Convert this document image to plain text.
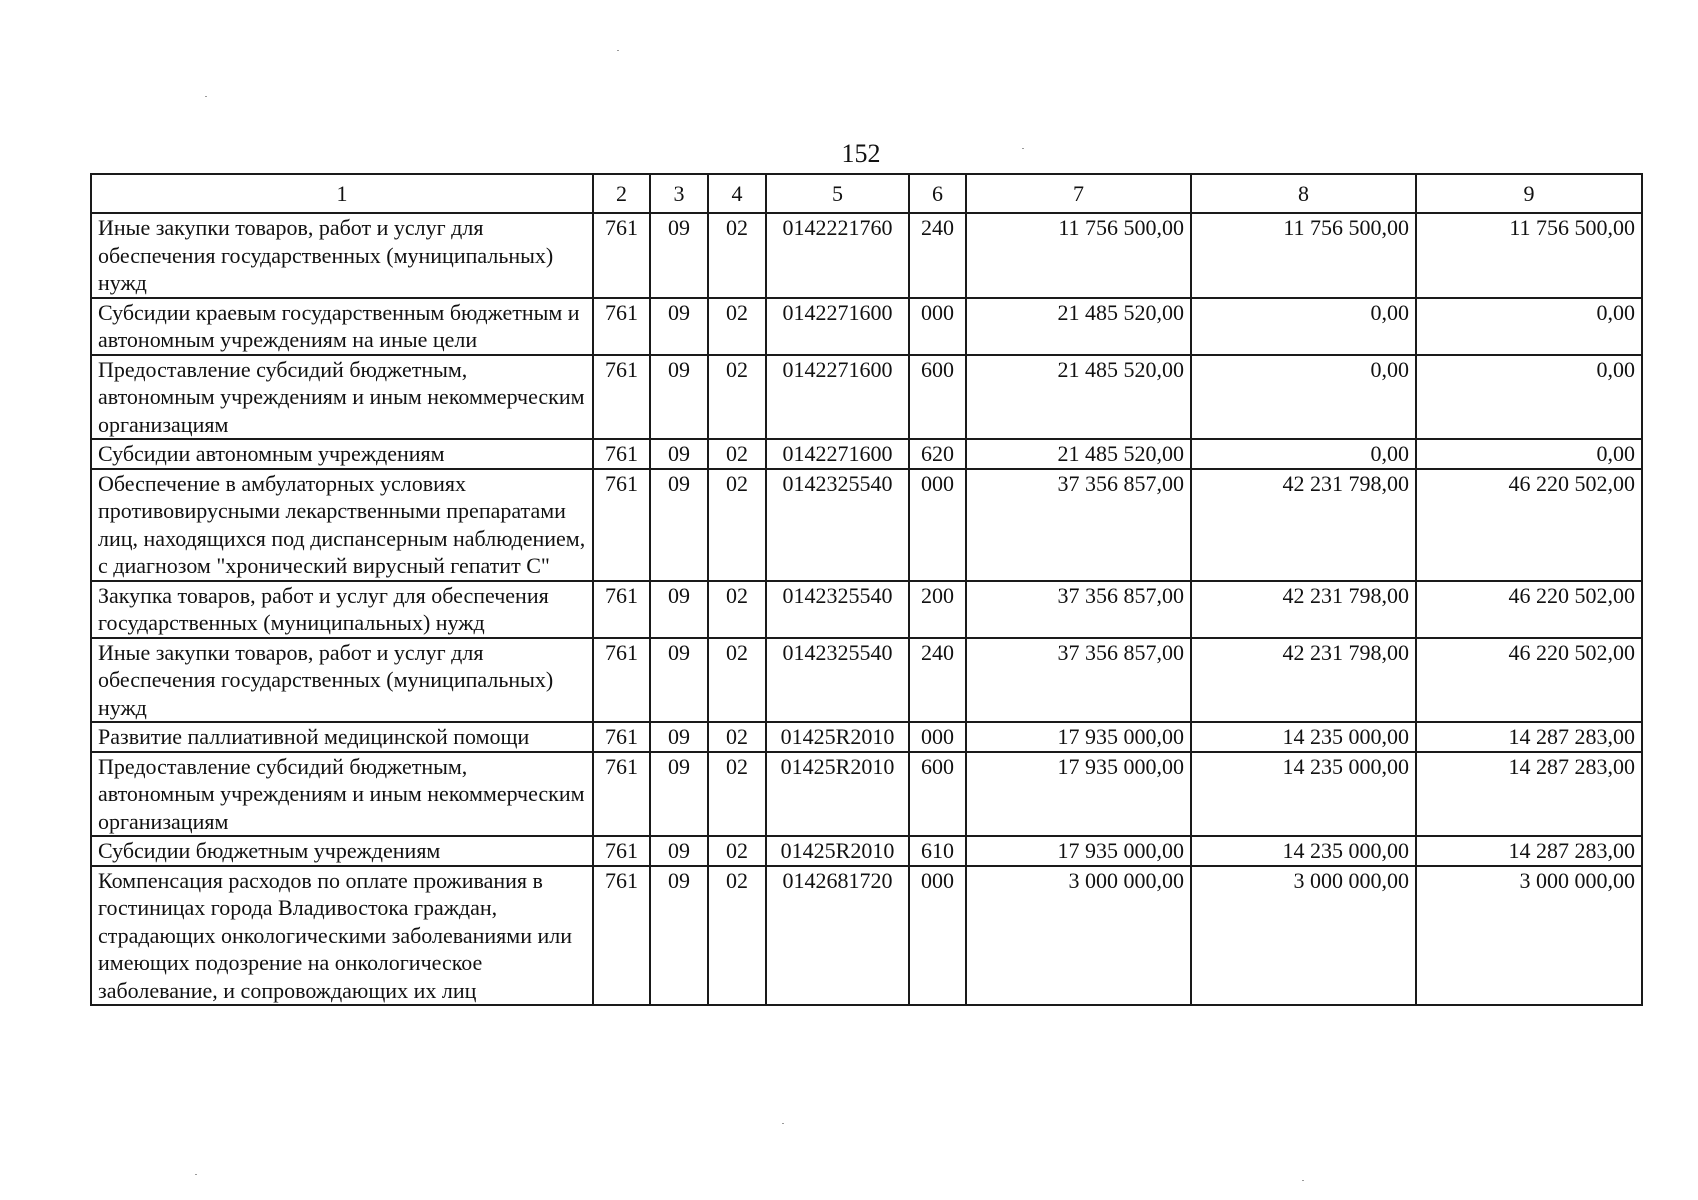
152
1	2	3	4	5	6	7	8	9
Иные закупки товаров, работ и услуг для обеспечения государственных (муниципальных) нужд	761	09	02	0142221760	240	11 756 500,00	11 756 500,00	11 756 500,00
Субсидии краевым государственным бюджетным и автономным учреждениям на иные цели	761	09	02	0142271600	000	21 485 520,00	0,00	0,00
Предоставление субсидий бюджетным, автономным учреждениям и иным некоммерческим организациям	761	09	02	0142271600	600	21 485 520,00	0,00	0,00
Субсидии автономным учреждениям	761	09	02	0142271600	620	21 485 520,00	0,00	0,00
Обеспечение в амбулаторных условиях противовирусными лекарственными препаратами лиц, находящихся под диспансерным наблюдением, с диагнозом "хронический вирусный гепатит С"	761	09	02	0142325540	000	37 356 857,00	42 231 798,00	46 220 502,00
Закупка товаров, работ и услуг для обеспечения государственных (муниципальных) нужд	761	09	02	0142325540	200	37 356 857,00	42 231 798,00	46 220 502,00
Иные закупки товаров, работ и услуг для обеспечения государственных (муниципальных) нужд	761	09	02	0142325540	240	37 356 857,00	42 231 798,00	46 220 502,00
Развитие паллиативной медицинской помощи	761	09	02	01425R2010	000	17 935 000,00	14 235 000,00	14 287 283,00
Предоставление субсидий бюджетным, автономным учреждениям и иным некоммерческим организациям	761	09	02	01425R2010	600	17 935 000,00	14 235 000,00	14 287 283,00
Субсидии бюджетным учреждениям	761	09	02	01425R2010	610	17 935 000,00	14 235 000,00	14 287 283,00
Компенсация расходов по оплате проживания в гостиницах города Владивостока граждан, страдающих онкологическими заболеваниями или имеющих подозрение на онкологическое заболевание, и сопровождающих их лиц	761	09	02	0142681720	000	3 000 000,00	3 000 000,00	3 000 000,00
